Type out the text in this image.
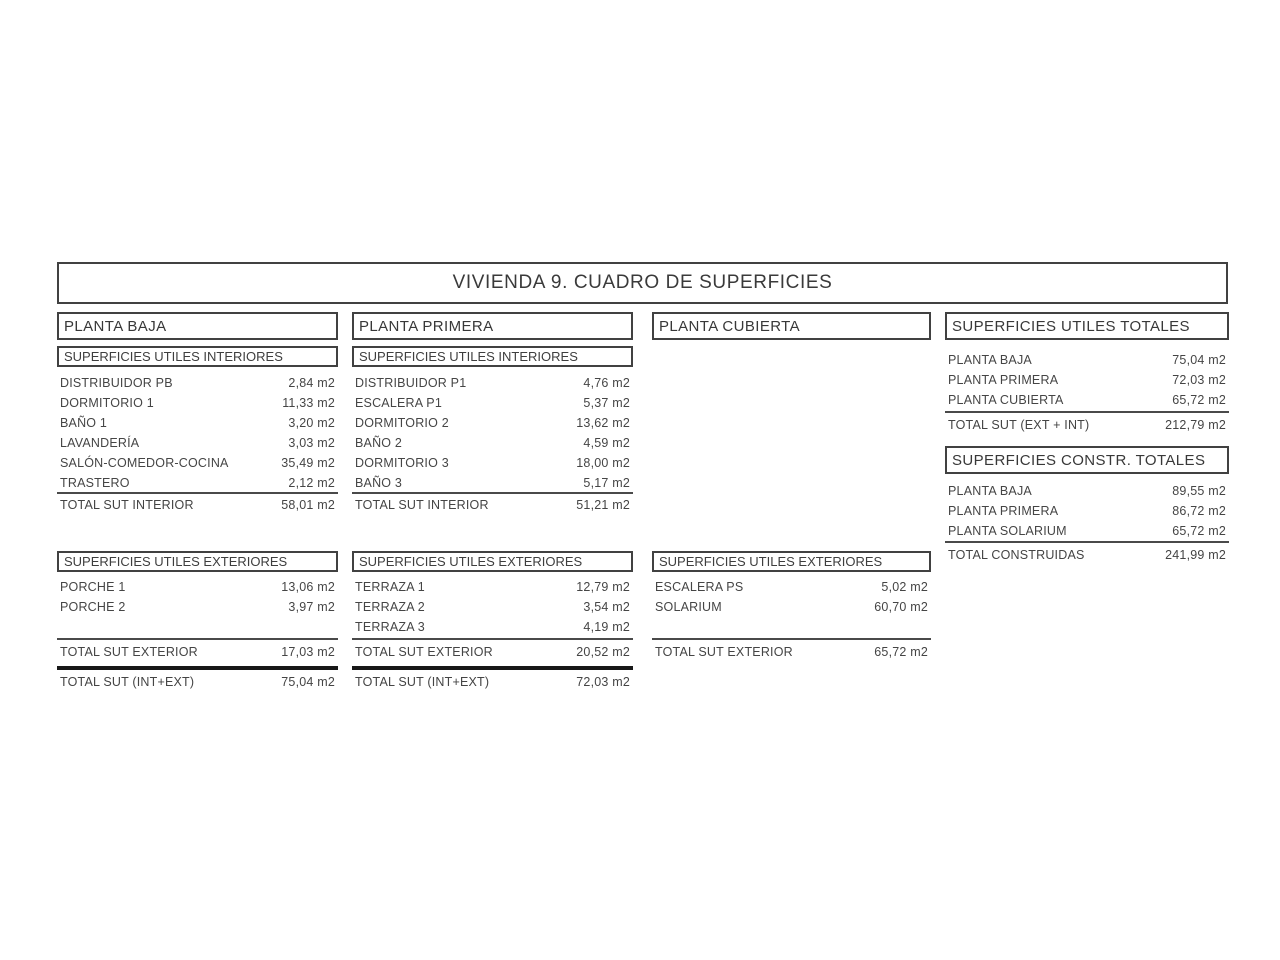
VIVIENDA 9. CUADRO DE SUPERFICIES
PLANTA BAJA
SUPERFICIES UTILES INTERIORES
DISTRIBUIDOR PB	2,84 m2
DORMITORIO 1	11,33 m2
BAÑO 1	3,20 m2
LAVANDERÍA	3,03 m2
SALÓN-COMEDOR-COCINA	35,49 m2
TRASTERO	2,12 m2
TOTAL SUT INTERIOR	58,01 m2
SUPERFICIES UTILES EXTERIORES
PORCHE 1	13,06 m2
PORCHE 2	3,97 m2
TOTAL SUT EXTERIOR	17,03 m2
TOTAL SUT (INT+EXT)	75,04 m2
PLANTA PRIMERA
SUPERFICIES UTILES INTERIORES
DISTRIBUIDOR P1	4,76 m2
ESCALERA P1	5,37 m2
DORMITORIO 2	13,62 m2
BAÑO 2	4,59 m2
DORMITORIO 3	18,00 m2
BAÑO 3	5,17 m2
TOTAL SUT INTERIOR	51,21 m2
SUPERFICIES UTILES EXTERIORES
TERRAZA 1	12,79 m2
TERRAZA 2	3,54 m2
TERRAZA 3	4,19 m2
TOTAL SUT EXTERIOR	20,52 m2
TOTAL SUT (INT+EXT)	72,03 m2
PLANTA CUBIERTA
SUPERFICIES UTILES EXTERIORES
ESCALERA PS	5,02 m2
SOLARIUM	60,70 m2
TOTAL SUT EXTERIOR	65,72 m2
SUPERFICIES UTILES TOTALES
PLANTA BAJA	75,04 m2
PLANTA PRIMERA	72,03 m2
PLANTA CUBIERTA	65,72 m2
TOTAL SUT (EXT + INT)	212,79 m2
SUPERFICIES CONSTR. TOTALES
PLANTA BAJA	89,55 m2
PLANTA PRIMERA	86,72 m2
PLANTA SOLARIUM	65,72 m2
TOTAL CONSTRUIDAS	241,99 m2
